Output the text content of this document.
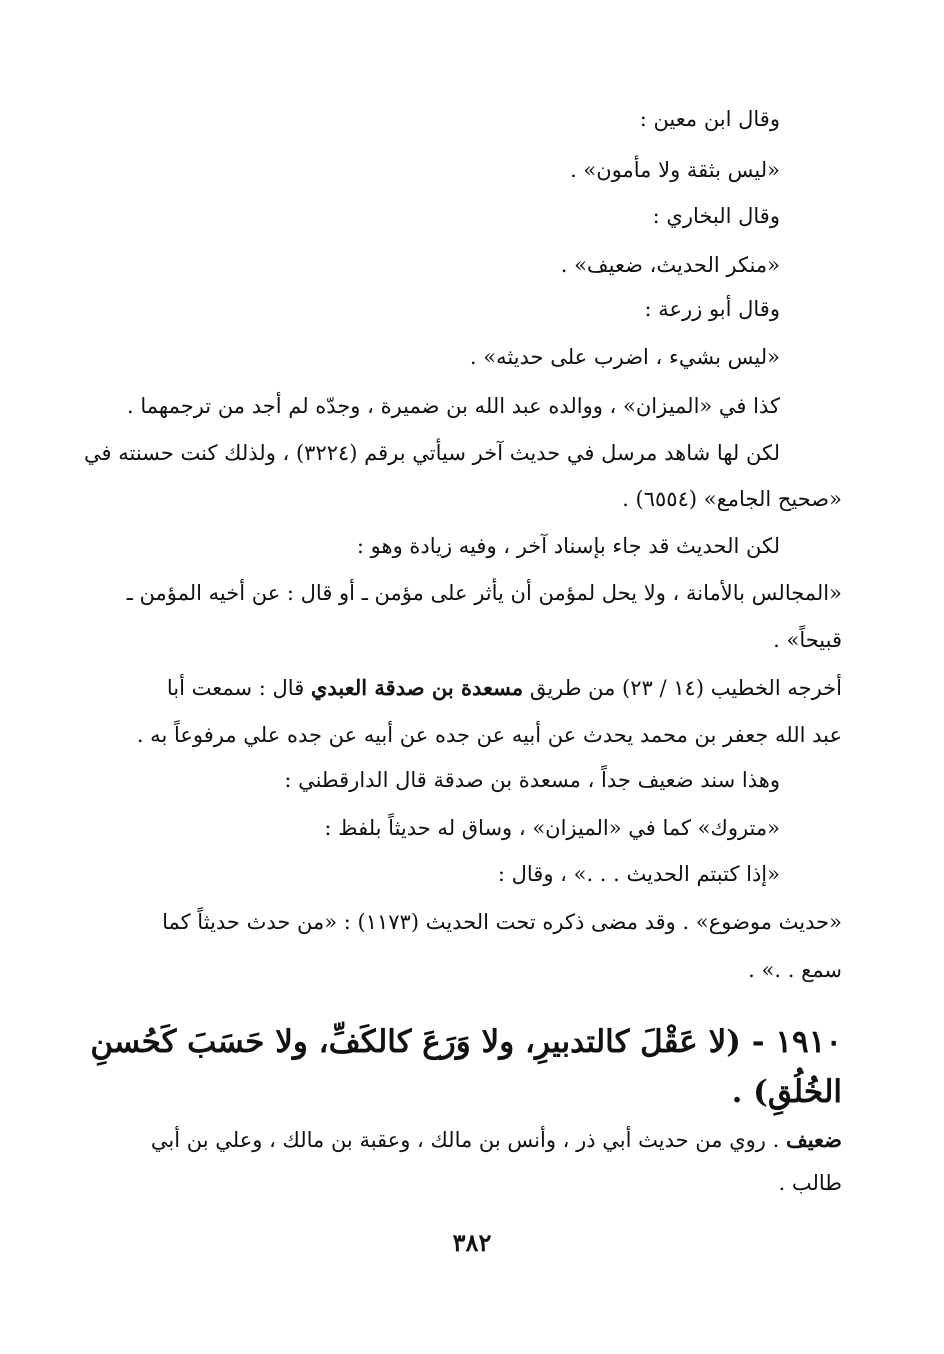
وقال ابن معين :

«ليس بثقة ولا مأمون» .

وقال البخاري :

«منكر الحديث، ضعيف» .

وقال أبو زرعة :

«ليس بشيء ، اضرب على حديثه» .

كذا في «الميزان» ، ووالده عبد الله بن ضميرة ، وجدّه لم أجد من ترجمهما .

لكن لها شاهد مرسل في حديث آخر سيأتي برقم (٣٢٢٤) ، ولذلك كنت حسنته في

«صحيح الجامع» (٦٥٥٤) .

لكن الحديث قد جاء بإسناد آخر ، وفيه زيادة وهو :

«المجالس بالأمانة ، ولا يحل لمؤمن أن يأثر على مؤمن ـ أو قال : عن أخيه المؤمن ـ

قبيحاً» .

أخرجه الخطيب (١٤ / ٢٣) من طريق مسعدة بن صدقة العبدي قال : سمعت أبا

عبد الله جعفر بن محمد يحدث عن أبيه عن جده عن أبيه عن جده علي مرفوعاً به .

وهذا سند ضعيف جداً ، مسعدة بن صدقة قال الدارقطني :

«متروك» كما في «الميزان» ، وساق له حديثاً بلفظ :

«إذا كتبتم الحديث . . .» ، وقال :

«حديث موضوع» . وقد مضى ذكره تحت الحديث (١١٧٣) : «من حدث حديثاً كما

سمع . .» .

١٩١٠ - (لا عَقْلَ كالتدبيرِ، ولا وَرَعَ كالكَفِّ، ولا حَسَبَ كَحُسنِ
الخُلُقِ) .

ضعيف . روي من حديث أبي ذر ، وأنس بن مالك ، وعقبة بن مالك ، وعلي بن أبي

طالب .

٣٨٢
